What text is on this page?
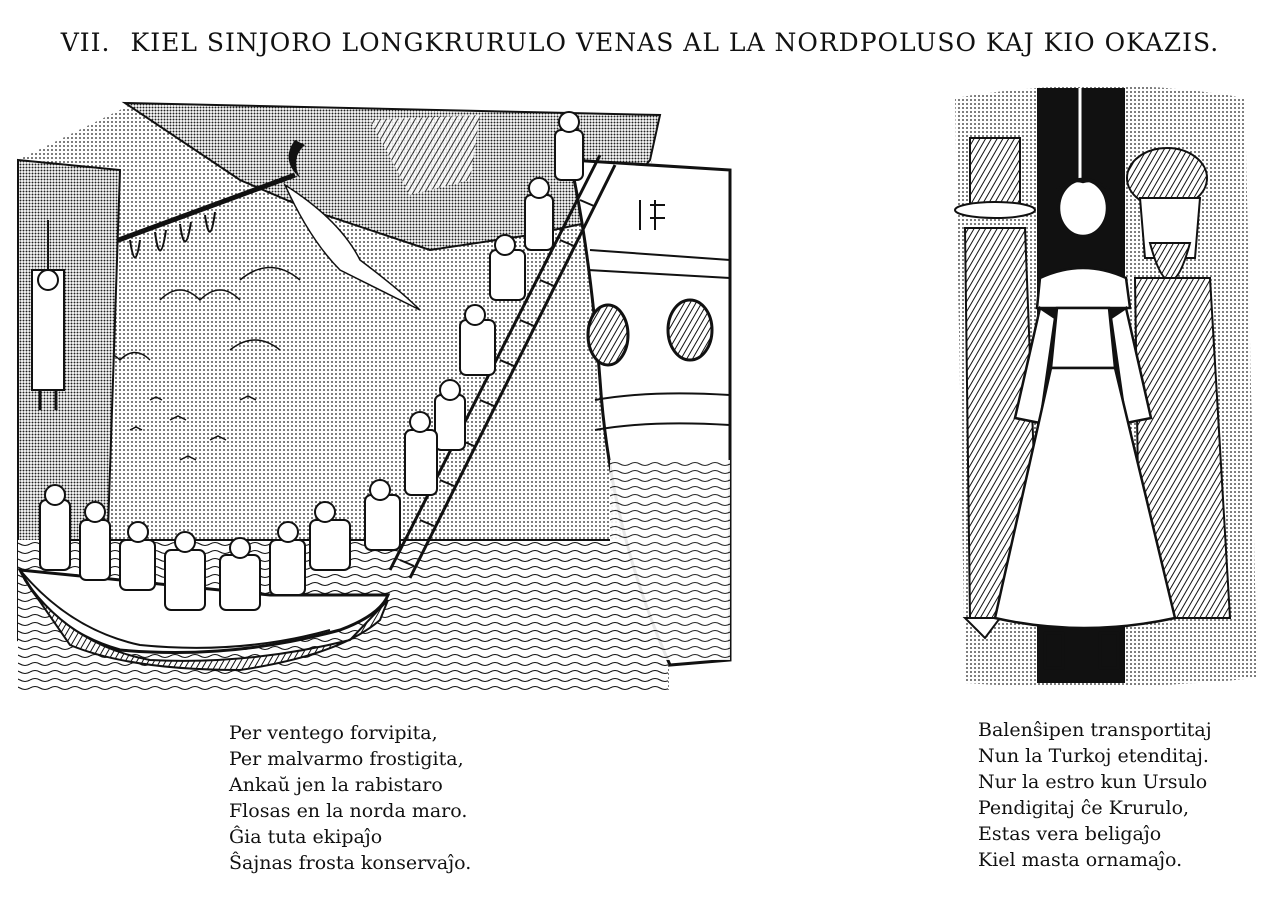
VII. KIEL SINJORO LONGKRURULO VENAS AL LA NORDPOLUSO KAJ KIO OKAZIS.
Per ventego forvipita,
Per malvarmo frostigita,
Ankaŭ jen la rabistaro
Flosas en la norda maro.
Ĝia tuta ekipaĵo
Ŝajnas frosta konservaĵo.
Balenŝipen transportitaj
Nun la Turkoj etenditaj.
Nur la estro kun Ursulo
Pendigitaj ĉe Krurulo,
Estas vera beligaĵo
Kiel masta ornamaĵo.
